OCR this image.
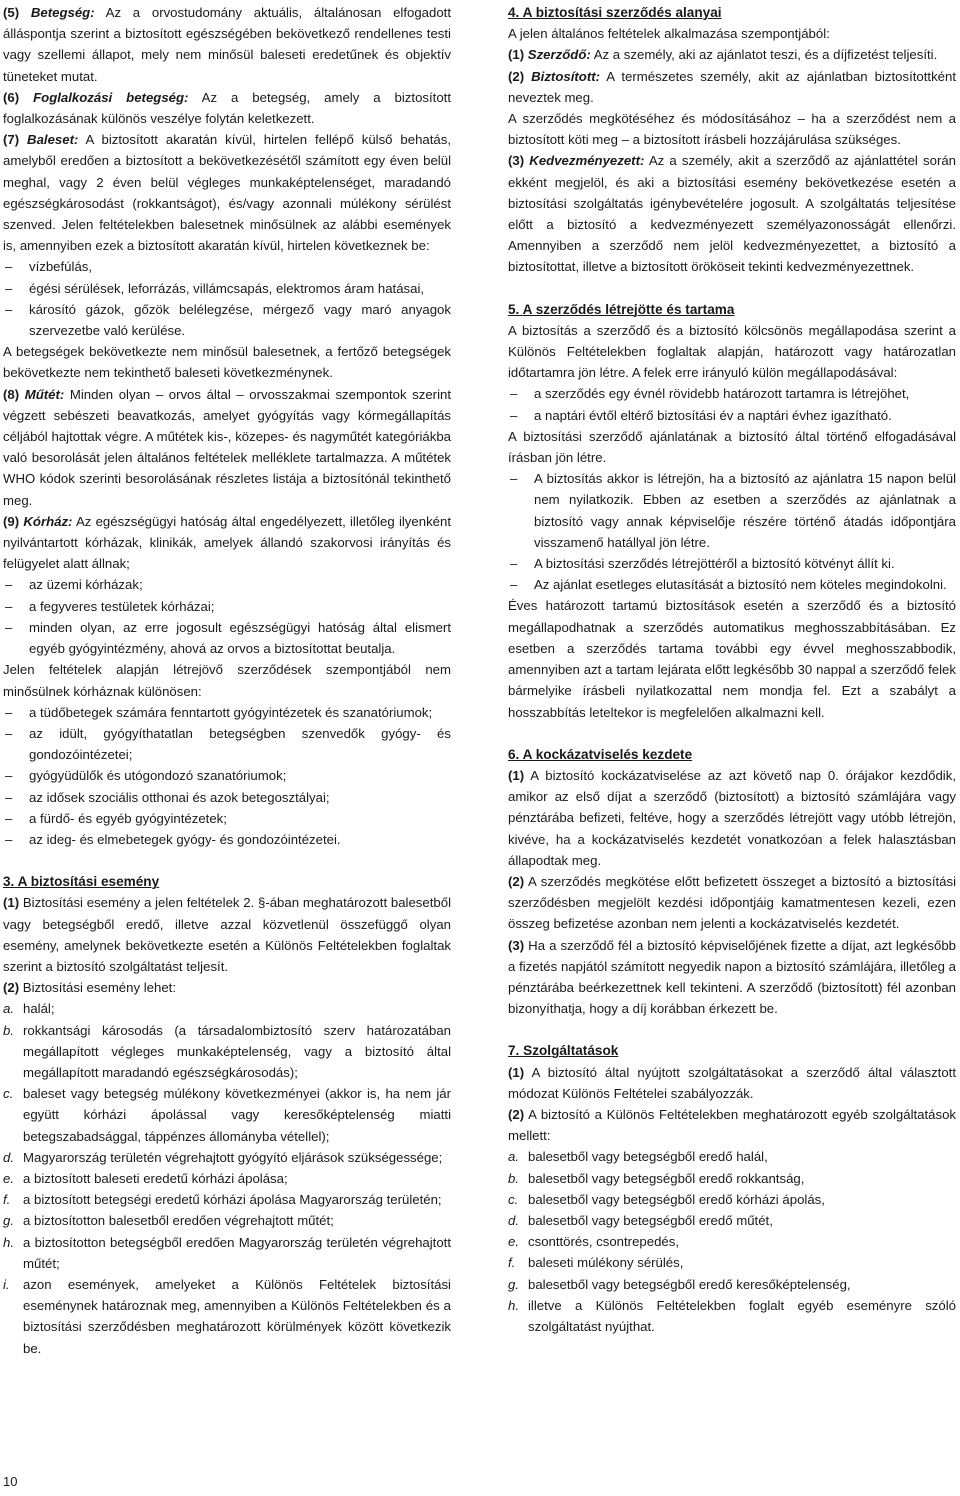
(5) Betegség: Az a orvostudomány aktuális, általánosan elfogadott álláspontja szerint a biztosított egészségében bekövetkező rendellenes testi vagy szellemi állapot, mely nem minősül baleseti eredetűnek és objektív tüneteket mutat.

(6) Foglalkozási betegség: Az a betegség, amely a biztosított foglalkozásának különös veszélye folytán keletkezett.

(7) Baleset: A biztosított akaratán kívül, hirtelen fellépő külső behatás, amelyből eredően a biztosított a bekövetkezésétől számított egy éven belül meghal, vagy 2 éven belül végleges munkaképtelenséget, maradandó egészségkárosodást (rokkantságot), és/vagy azonnali múlékony sérülést szenved. Jelen feltételekben balesetnek minősülnek az alábbi események is, amennyiben ezek a biztosított akaratán kívül, hirtelen következnek be:

– vízbefúlás,

– égési sérülések, leforrázás, villámcsapás, elektromos áram hatásai,

– károsító gázok, gőzök belélegzése, mérgező vagy maró anyagok szervezetbe való kerülése.

A betegségek bekövetkezte nem minősül balesetnek, a fertőző betegségek bekövetkezte nem tekinthető baleseti következménynek.

(8) Műtét: Minden olyan – orvos által – orvosszakmai szempontok szerint végzett sebészeti beavatkozás, amelyet gyógyítás vagy kórmegállapítás céljából hajtottak végre. A műtétek kis-, közepes- és nagyműtét kategóriákba való besorolását jelen általános feltételek melléklete tartalmazza. A műtétek WHO kódok szerinti besorolásának részletes listája a biztosítónál tekinthető meg.

(9) Kórház: Az egészségügyi hatóság által engedélyezett, illetőleg ilyenként nyilvántartott kórházak, klinikák, amelyek állandó szakorvosi irányítás és felügyelet alatt állnak;

– az üzemi kórházak;

– a fegyveres testületek kórházai;

– minden olyan, az erre jogosult egészségügyi hatóság által elismert egyéb gyógyintézmény, ahová az orvos a biztosítottat beutalja.

Jelen feltételek alapján létrejövő szerződések szempontjából nem minősülnek kórháznak különösen:

– a tüdőbetegek számára fenntartott gyógyintézetek és szanatóriumok;

– az idült, gyógyíthatatlan betegségben szenvedők gyógy- és gondozóintézetei;

– gyógyüdülők és utógondozó szanatóriumok;

– az idősek szociális otthonai és azok betegosztályai;

– a fürdő- és egyéb gyógyintézetek;

– az ideg- és elmebetegek gyógy- és gondozóintézetei.

3. A biztosítási esemény

(1) Biztosítási esemény a jelen feltételek 2. §-ában meghatározott balesetből vagy betegségből eredő, illetve azzal közvetlenül összefüggő olyan esemény, amelynek bekövetkezte esetén a Különös Feltételekben foglaltak szerint a biztosító szolgáltatást teljesít.

(2) Biztosítási esemény lehet:

a. halál;

b. rokkantsági károsodás (a társadalombiztosító szerv határozatában megállapított végleges munkaképtelenség, vagy a biztosító által megállapított maradandó egészségkárosodás);

c. baleset vagy betegség múlékony következményei (akkor is, ha nem jár együtt kórházi ápolással vagy keresőképtelenség miatti betegszabadsággal, táppénzes állományba vétellel);

d. Magyarország területén végrehajtott gyógyító eljárások szükségessége;

e. a biztosított baleseti eredetű kórházi ápolása;

f. a biztosított betegségi eredetű kórházi ápolása Magyarország területén;

g. a biztosítotton balesetből eredően végrehajtott műtét;

h. a biztosítotton betegségből eredően Magyarország területén végrehajtott műtét;

i. azon események, amelyeket a Különös Feltételek biztosítási eseménynek határoznak meg, amennyiben a Különös Feltételekben és a biztosítási szerződésben meghatározott körülmények között következik be.

4. A biztosítási szerződés alanyai

A jelen általános feltételek alkalmazása szempontjából:

(1) Szerződő: Az a személy, aki az ajánlatot teszi, és a díjfizetést teljesíti.

(2) Biztosított: A természetes személy, akit az ajánlatban biztosítottként neveztek meg.

A szerződés megkötéséhez és módosításához – ha a szerződést nem a biztosított köti meg – a biztosított írásbeli hozzájárulása szükséges.

(3) Kedvezményezett: Az a személy, akit a szerződő az ajánlattétel során ekként megjelöl, és aki a biztosítási esemény bekövetkezése esetén a biztosítási szolgáltatás igénybevételére jogosult. A szolgáltatás teljesítése előtt a biztosító a kedvezményezett személyazonosságát ellenőrzi. Amennyiben a szerződő nem jelöl kedvezményezettet, a biztosító a biztosítottat, illetve a biztosított örököseit tekinti kedvezményezettnek.

5. A szerződés létrejötte és tartama

A biztosítás a szerződő és a biztosító kölcsönös megállapodása szerint a Különös Feltételekben foglaltak alapján, határozott vagy határozatlan időtartamra jön létre. A felek erre irányuló külön megállapodásával:

– a szerződés egy évnél rövidebb határozott tartamra is létrejöhet,

– a naptári évtől eltérő biztosítási év a naptári évhez igazítható.

A biztosítási szerződő ajánlatának a biztosító által történő elfogadásával írásban jön létre.

– A biztosítás akkor is létrejön, ha a biztosító az ajánlatra 15 napon belül nem nyilatkozik. Ebben az esetben a szerződés az ajánlatnak a biztosító vagy annak képviselője részére történő átadás időpontjára visszamenő hatállyal jön létre.

– A biztosítási szerződés létrejöttéről a biztosító kötvényt állít ki.

– Az ajánlat esetleges elutasítását a biztosító nem köteles megindokolni.

Éves határozott tartamú biztosítások esetén a szerződő és a biztosító megállapodhatnak a szerződés automatikus meghosszabbításában. Ez esetben a szerződés tartama további egy évvel meghosszabbodik, amennyiben azt a tartam lejárata előtt legkésőbb 30 nappal a szerződő felek bármelyike írásbeli nyilatkozattal nem mondja fel. Ezt a szabályt a hosszabbítás leteltekor is megfelelően alkalmazni kell.

6. A kockázatviselés kezdete

(1) A biztosító kockázatviselése az azt követő nap 0. órájakor kezdődik, amikor az első díjat a szerződő (biztosított) a biztosító számlájára vagy pénztárába befizeti, feltéve, hogy a szerződés létrejött vagy utóbb létrejön, kivéve, ha a kockázatviselés kezdetét vonatkozóan a felek halasztásban állapodtak meg.

(2) A szerződés megkötése előtt befizetett összeget a biztosító a biztosítási szerződésben megjelölt kezdési időpontjáig kamatmentesen kezeli, ezen összeg befizetése azonban nem jelenti a kockázatviselés kezdetét.

(3) Ha a szerződő fél a biztosító képviselőjének fizette a díjat, azt legkésőbb a fizetés napjától számított negyedik napon a biztosító számlájára, illetőleg a pénztárába beérkezettnek kell tekinteni. A szerződő (biztosított) fél azonban bizonyíthatja, hogy a díj korábban érkezett be.

7. Szolgáltatások

(1) A biztosító által nyújtott szolgáltatásokat a szerződő által választott módozat Különös Feltételei szabályozzák.

(2) A biztosító a Különös Feltételekben meghatározott egyéb szolgáltatások mellett:

a. balesetből vagy betegségből eredő halál,

b. balesetből vagy betegségből eredő rokkantság,

c. balesetből vagy betegségből eredő kórházi ápolás,

d. balesetből vagy betegségből eredő műtét,

e. csonttörés, csontrepedés,

f. baleseti múlékony sérülés,

g. balesetből vagy betegségből eredő keresőképtelenség,

h. illetve a Különös Feltételekben foglalt egyéb eseményre szóló szolgáltatást nyújthat.

10
